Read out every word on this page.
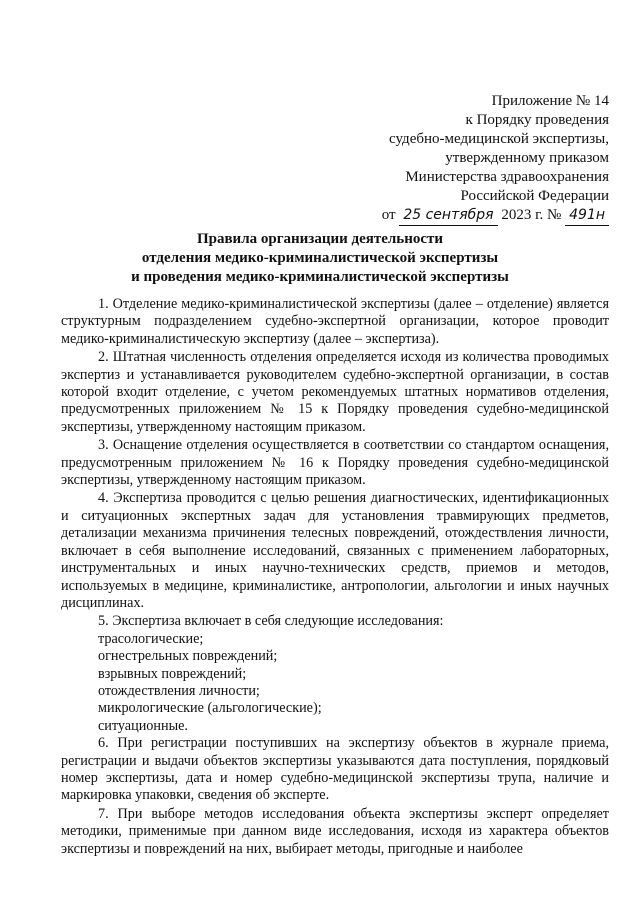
Приложение № 14
к Порядку проведения
судебно-медицинской экспертизы,
утвержденному приказом
Министерства здравоохранения
Российской Федерации
от 25 сентября 2023 г. № 491н
Правила организации деятельности
отделения медико-криминалистической экспертизы
и проведения медико-криминалистической экспертизы

1. Отделение медико-криминалистической экспертизы (далее – отделение) является структурным подразделением судебно-экспертной организации, которое проводит медико-криминалистическую экспертизу (далее – экспертиза).

2. Штатная численность отделения определяется исходя из количества проводимых экспертиз и устанавливается руководителем судебно-экспертной организации, в состав которой входит отделение, с учетом рекомендуемых штатных нормативов отделения, предусмотренных приложением № 15 к Порядку проведения судебно-медицинской экспертизы, утвержденному настоящим приказом.

3. Оснащение отделения осуществляется в соответствии со стандартом оснащения, предусмотренным приложением № 16 к Порядку проведения судебно-медицинской экспертизы, утвержденному настоящим приказом.

4. Экспертиза проводится с целью решения диагностических, идентификационных и ситуационных экспертных задач для установления травмирующих предметов, детализации механизма причинения телесных повреждений, отождествления личности, включает в себя выполнение исследований, связанных с применением лабораторных, инструментальных и иных научно-технических средств, приемов и методов, используемых в медицине, криминалистике, антропологии, альгологии и иных научных дисциплинах.

5. Экспертиза включает в себя следующие исследования:

трасологические;

огнестрельных повреждений;

взрывных повреждений;

отождествления личности;

микрологические (альгологические);

ситуационные.

6. При регистрации поступивших на экспертизу объектов в журнале приема, регистрации и выдачи объектов экспертизы указываются дата поступления, порядковый номер экспертизы, дата и номер судебно-медицинской экспертизы трупа, наличие и маркировка упаковки, сведения об эксперте.

7. При выборе методов исследования объекта экспертизы эксперт определяет методики, применимые при данном виде исследования, исходя из характера объектов экспертизы и повреждений на них, выбирает методы, пригодные и наиболее
